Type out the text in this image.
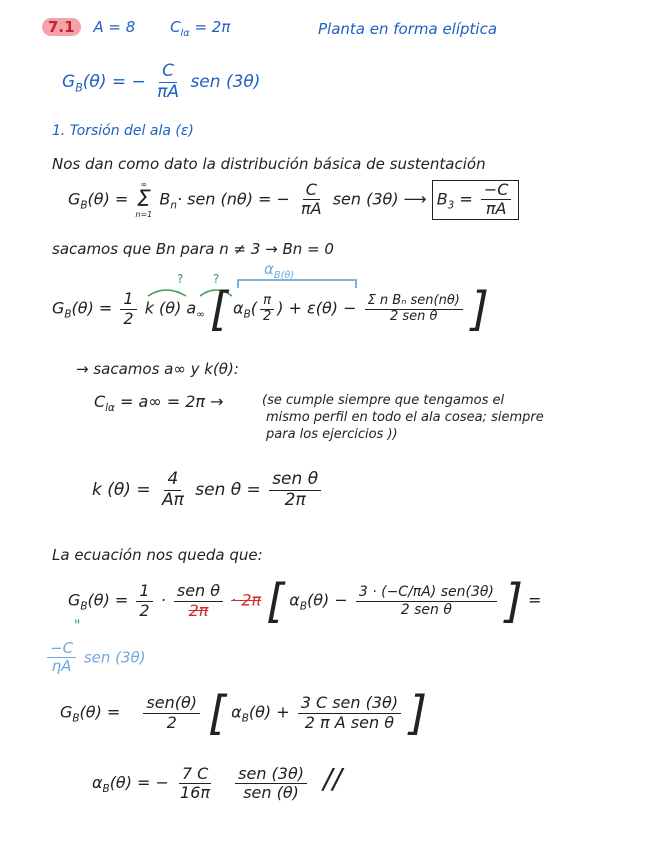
7.1 A = 8 $C_{l\alpha} = 2\pi$	Planta en forma elíptica
$G_B(\theta)$ = − $\frac{C}{\pi A}$ sen (3θ)
1. Torsión del ala (ε)
Nos dan como dato la distribución básica de sustentación
$G_B(\theta)$ =
∞
Σ
n=1
$B_n\cdot$ sen (nθ) = − $\frac{C}{\pi A}$ sen (3θ) ⟶ $B_3 = \frac{-C}{\pi A}$
sacamos que Bn para n ≠ 3 → Bn = 0
$\alpha_{B(\theta)}$
? ?
$G_B(\theta) = \frac{1}{2}$ k (θ) $a_\infty$ [ $\alpha_B( \frac{\pi}{2}$ ) + $\varepsilon(\theta) - \frac{\text{Σ n Bₙ sen(nθ)}}{\text{2 sen θ}}$ ]
→ sacamos a∞ y k(θ):
$C_{l\alpha} = a\infty = 2\pi$ →	(se cumple siempre que tengamos el
mismo perfil en todo el ala cosea; siempre
para los ejercicios ))
k $(\theta) = \frac{4}{A\pi}$ sen $\theta = \frac{\text{sen θ}}{2\pi}$
La ecuación nos queda que:
$G_B(\theta) = \frac{1}{2} \cdot \frac{\text{sen θ}}{2\pi} \cdot 2\pi$ [ $\alpha_B(\theta) - \frac{\text{3 · (−C/πA) sen(3θ)}}{\text{2 sen θ}}$ ] =
"
$\frac{-C}{\eta A}$ sen (3θ)
$G_B(\theta) = \frac{\text{sen(θ)}}{2}$ [ $\alpha_B(\theta) + \frac{\text{3 C sen (3θ)}}{\text{2 π A sen θ}}$ ]
$\alpha_B(\theta)$ = − $\frac{7 C}{16\pi}$
$\frac{\text{sen (3θ)}}{\text{sen (θ)}}$ //
